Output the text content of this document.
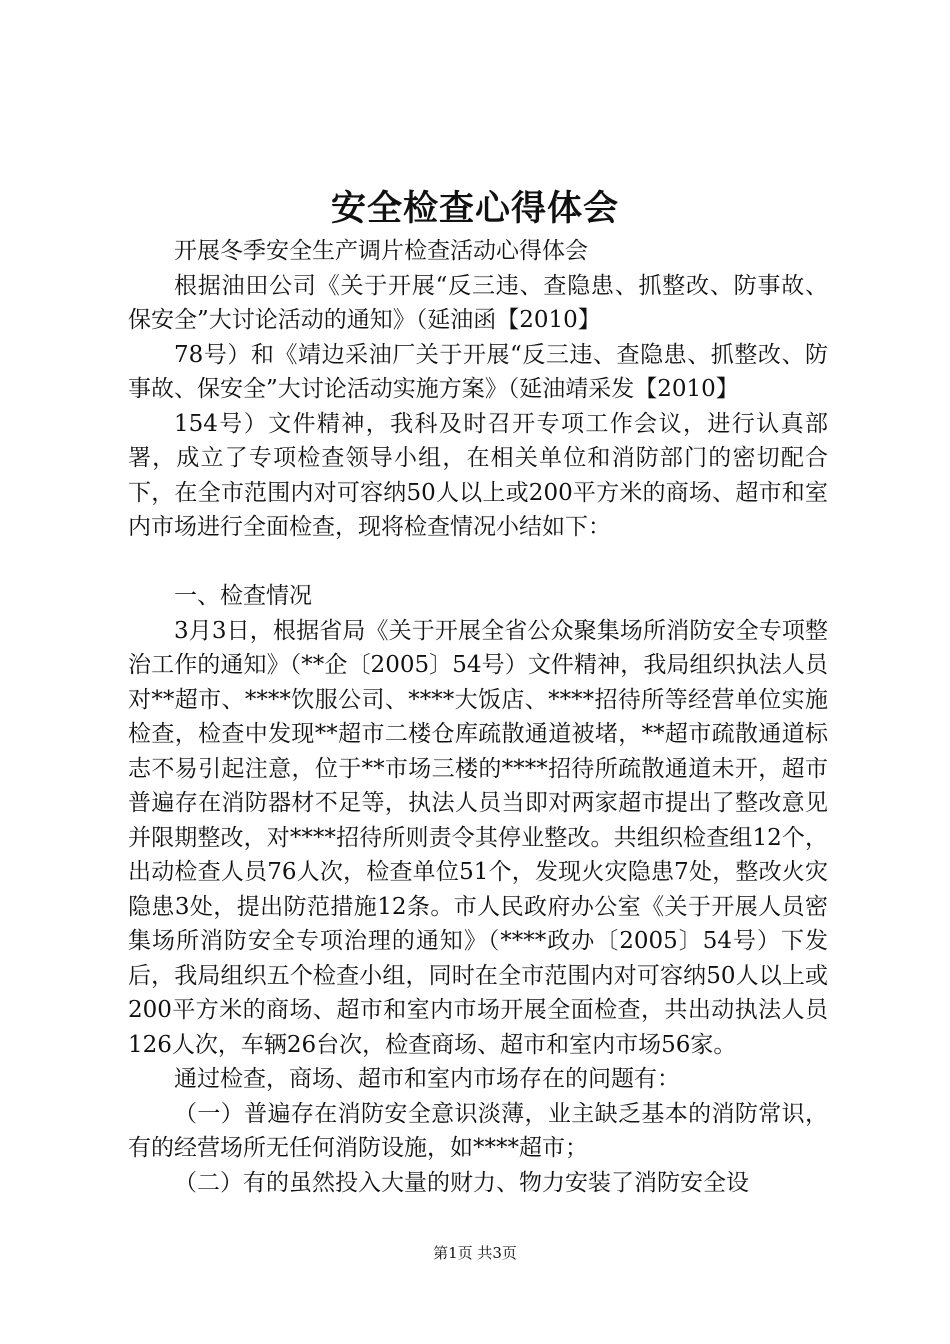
安全检查心得体会

开展冬季安全生产调片检查活动心得体会

根据油田公司《关于开展“反三违、查隐患、抓整改、防事故、保安全”大讨论活动的通知》（延油函【2010】

78号）和《靖边采油厂关于开展“反三违、查隐患、抓整改、防事故、保安全”大讨论活动实施方案》（延油靖采发【2010】

154号）文件精神，我科及时召开专项工作会议，进行认真部署，成立了专项检查领导小组，在相关单位和消防部门的密切配合下，在全市范围内对可容纳50人以上或200平方米的商场、超市和室内市场进行全面检查，现将检查情况小结如下：

一、检查情况

3月3日，根据省局《关于开展全省公众聚集场所消防安全专项整治工作的通知》（**企〔2005〕54号）文件精神，我局组织执法人员对**超市、****饮服公司、****大饭店、****招待所等经营单位实施检查，检查中发现**超市二楼仓库疏散通道被堵，**超市疏散通道标志不易引起注意，位于**市场三楼的****招待所疏散通道未开，超市普遍存在消防器材不足等，执法人员当即对两家超市提出了整改意见并限期整改，对****招待所则责令其停业整改。共组织检查组12个，出动检查人员76人次，检查单位51个，发现火灾隐患7处，整改火灾隐患3处，提出防范措施12条。市人民政府办公室《关于开展人员密集场所消防安全专项治理的通知》（****政办〔2005〕54号）下发后，我局组织五个检查小组，同时在全市范围内对可容纳50人以上或200平方米的商场、超市和室内市场开展全面检查，共出动执法人员126人次，车辆26台次，检查商场、超市和室内市场56家。

通过检查，商场、超市和室内市场存在的问题有：

（一）普遍存在消防安全意识淡薄，业主缺乏基本的消防常识，有的经营场所无任何消防设施，如****超市；

（二）有的虽然投入大量的财力、物力安装了消防安全设

第1页 共3页
